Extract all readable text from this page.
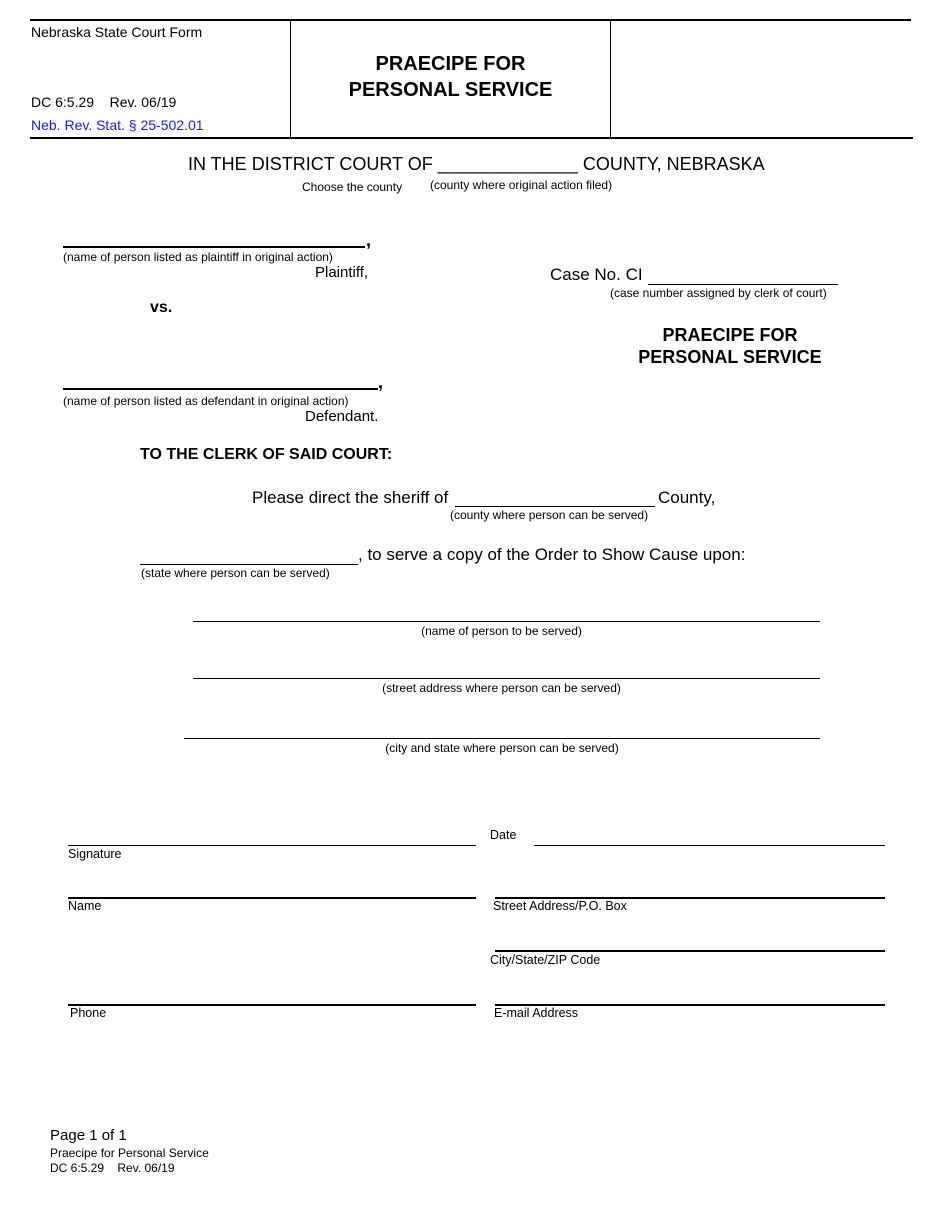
Nebraska State Court Form
DC 6:5.29 Rev. 06/19
Neb. Rev. Stat. § 25-502.01
PRAECIPE FOR
PERSONAL SERVICE
IN THE DISTRICT COURT OF ______________ COUNTY, NEBRASKA
Choose the county (county where original action filed)
,
(name of person listed as plaintiff in original action)
Plaintiff,
vs.
,
(name of person listed as defendant in original action)
Defendant.
Case No. CI
(case number assigned by clerk of court)
PRAECIPE FOR
PERSONAL SERVICE
TO THE CLERK OF SAID COURT:
Please direct the sheriff of	County,
(county where person can be served)
, to serve a copy of the Order to Show Cause upon:
(state where person can be served)
(name of person to be served)
(street address where person can be served)
(city and state where person can be served)
Signature
Date
Name	Street Address/P.O. Box
City/State/ZIP Code
Phone	E-mail Address
Page 1 of 1
Praecipe for Personal Service
DC 6:5.29 Rev. 06/19
